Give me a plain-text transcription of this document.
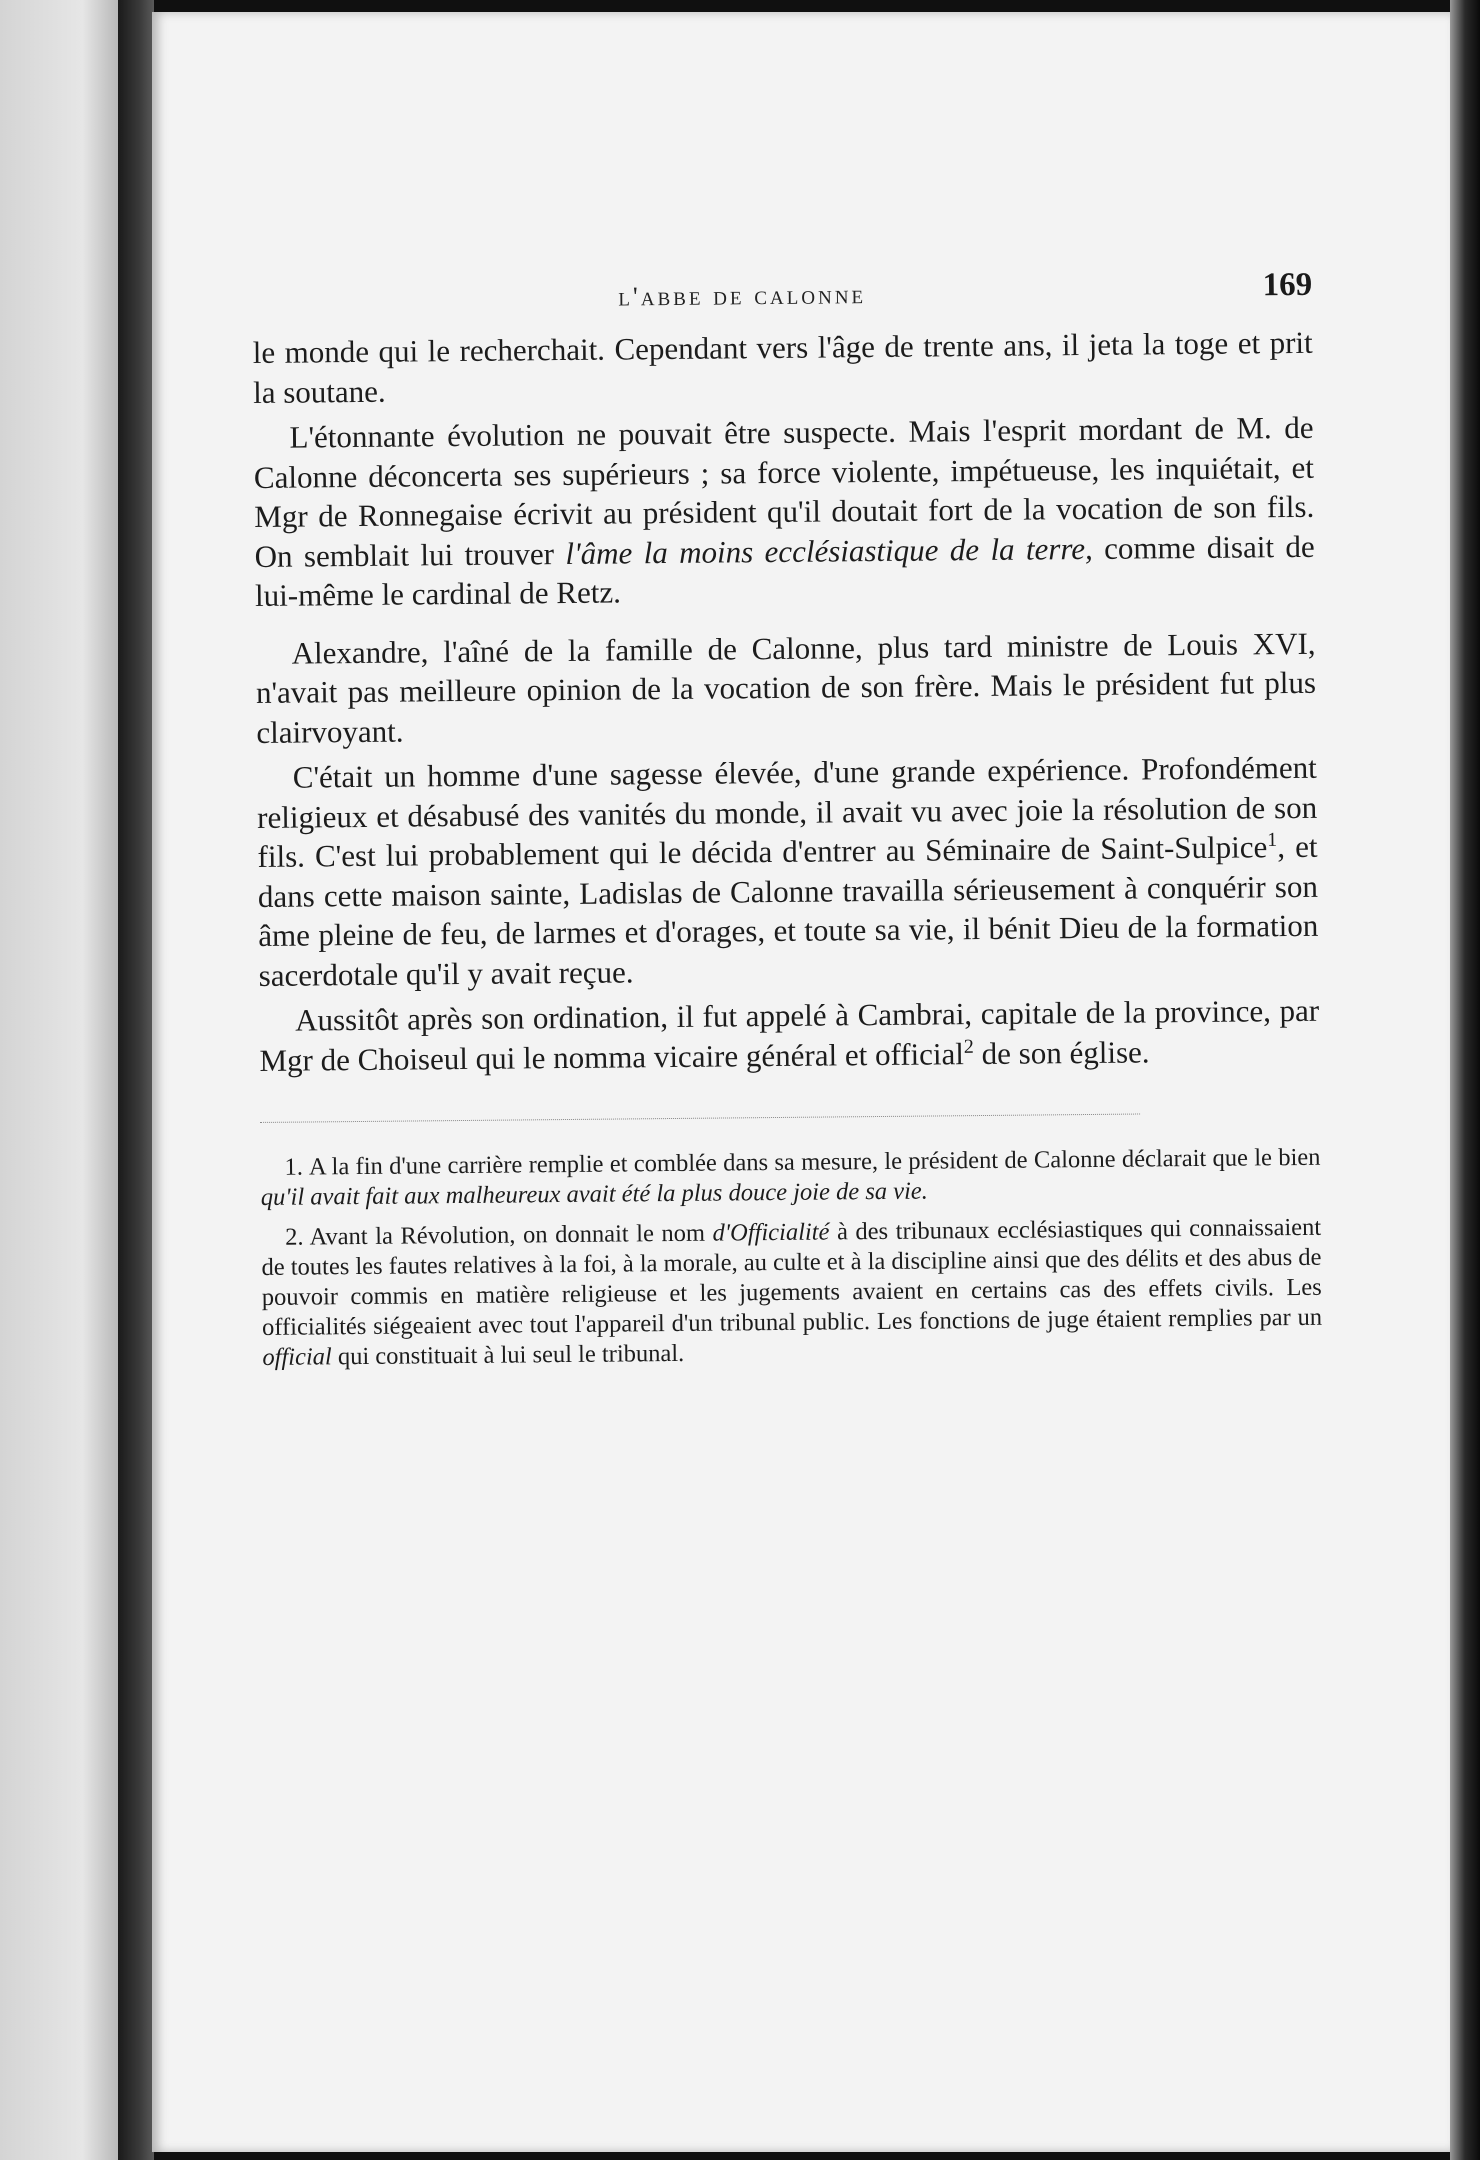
l'abbe de calonne	169

le monde qui le recherchait. Cependant vers l'âge de trente ans, il jeta la toge et prit la soutane.

L'étonnante évolution ne pouvait être suspecte. Mais l'esprit mordant de M. de Calonne déconcerta ses supérieurs ; sa force violente, impétueuse, les inquiétait, et Mgr de Ronnegaise écrivit au président qu'il doutait fort de la vocation de son fils. On semblait lui trouver l'âme la moins ecclésiastique de la terre, comme disait de lui-même le cardinal de Retz.

Alexandre, l'aîné de la famille de Calonne, plus tard ministre de Louis XVI, n'avait pas meilleure opinion de la vocation de son frère. Mais le président fut plus clairvoyant.

C'était un homme d'une sagesse élevée, d'une grande expérience. Profondément religieux et désabusé des vanités du monde, il avait vu avec joie la résolution de son fils. C'est lui probablement qui le décida d'entrer au Séminaire de Saint-Sulpice$^1$, et dans cette maison sainte, Ladislas de Calonne travailla sérieusement à conquérir son âme pleine de feu, de larmes et d'orages, et toute sa vie, il bénit Dieu de la formation sacerdotale qu'il y avait reçue.

Aussitôt après son ordination, il fut appelé à Cambrai, capitale de la province, par Mgr de Choiseul qui le nomma vicaire général et official$^2$ de son église.

1. A la fin d'une carrière remplie et comblée dans sa mesure, le président de Calonne déclarait que le bien qu'il avait fait aux malheureux avait été la plus douce joie de sa vie.

2. Avant la Révolution, on donnait le nom d'Officialité à des tribunaux ecclésiastiques qui connaissaient de toutes les fautes relatives à la foi, à la morale, au culte et à la discipline ainsi que des délits et des abus de pouvoir commis en matière religieuse et les jugements avaient en certains cas des effets civils. Les officialités siégeaient avec tout l'appareil d'un tribunal public. Les fonctions de juge étaient remplies par un official qui constituait à lui seul le tribunal.
